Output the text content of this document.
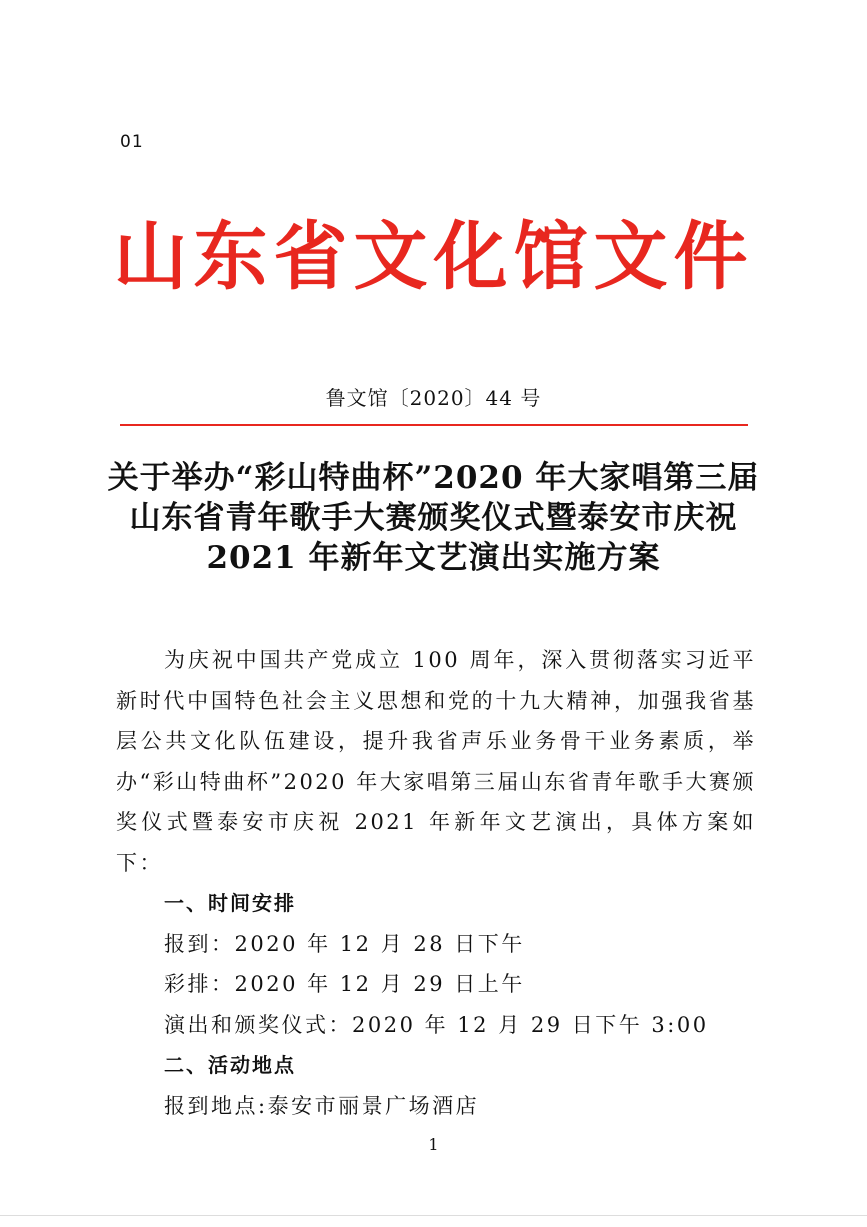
01
山东省文化馆文件
鲁文馆〔2020〕44 号
关于举办“彩山特曲杯”2020 年大家唱第三届
山东省青年歌手大赛颁奖仪式暨泰安市庆祝
2021 年新年文艺演出实施方案

为庆祝中国共产党成立 100 周年，深入贯彻落实习近平新时代中国特色社会主义思想和党的十九大精神，加强我省基层公共文化队伍建设，提升我省声乐业务骨干业务素质，举办“彩山特曲杯”2020 年大家唱第三届山东省青年歌手大赛颁奖仪式暨泰安市庆祝 2021 年新年文艺演出，具体方案如下：

一、时间安排

报到：2020 年 12 月 28 日下午

彩排：2020 年 12 月 29 日上午

演出和颁奖仪式：2020 年 12 月 29 日下午 3:00

二、活动地点

报到地点:泰安市丽景广场酒店

1
